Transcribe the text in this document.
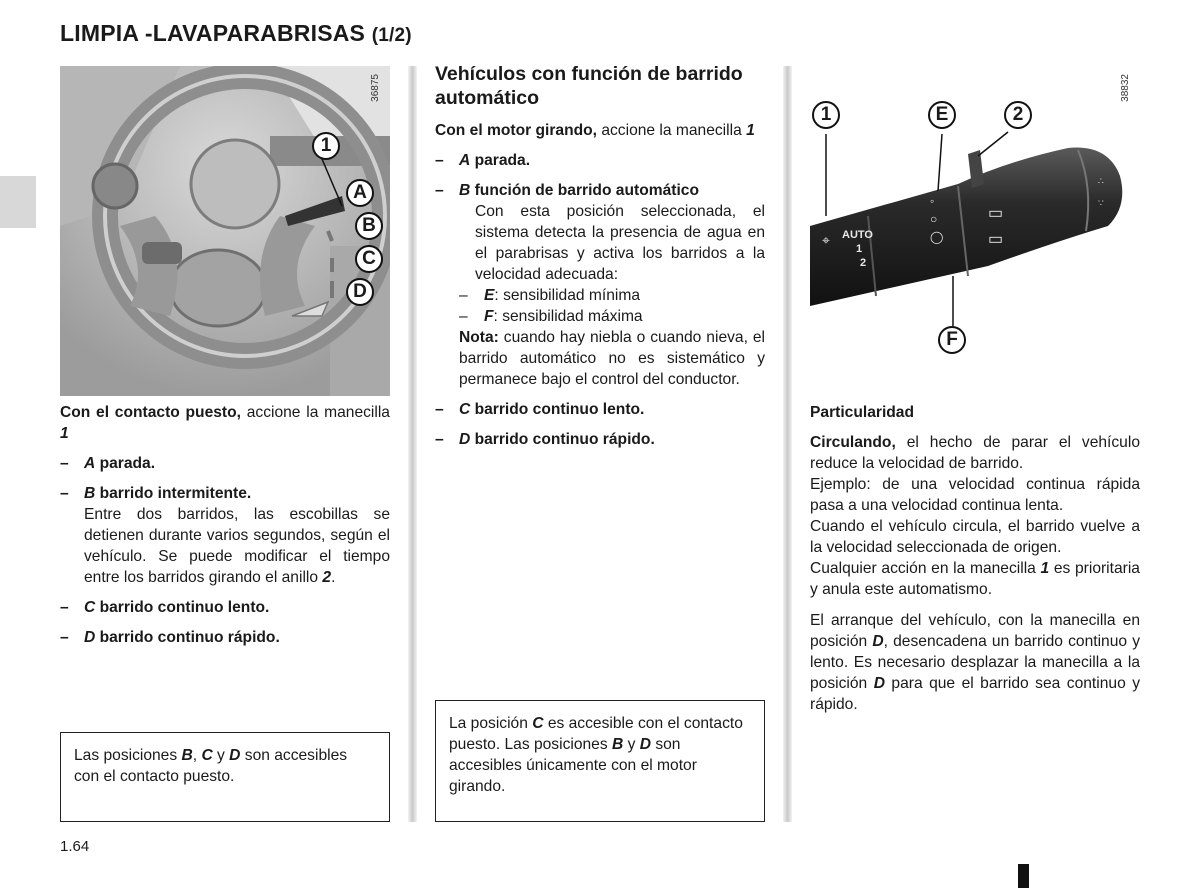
LIMPIA -LAVAPARABRISAS (1/2)
36875
1
A
B
C
D
AUTO
1
2
⌖
◦
○
◯
▭
▭
∴
∵
38832
1	E	2
F

Con el contacto puesto, accione la manecilla 1

– A parada.
– B barrido intermitente.

Entre dos barridos, las escobillas se detienen durante varios segundos, según el vehículo. Se puede modificar el tiempo entre los barridos girando el anillo 2.

– C barrido continuo lento.
– D barrido continuo rápido.
Las posiciones B, C y D son accesibles con el contacto puesto.
Vehículos con función de barrido automático

Con el motor girando, accione la manecilla 1

– A parada.
– B función de barrido automático

Con esta posición seleccionada, el sistema detecta la presencia de agua en el parabrisas y activa los barridos a la velocidad adecuada:

–	E: sensibilidad mínima
–	F: sensibilidad máxima

Nota: cuando hay niebla o cuando nieva, el barrido automático no es sistemático y permanece bajo el control del conductor.

– C barrido continuo lento.
– D barrido continuo rápido.
La posición C es accesible con el contacto puesto. Las posiciones B y D son accesibles únicamente con el motor girando.

Particularidad

Circulando, el hecho de parar el vehículo reduce la velocidad de barrido.

Ejemplo: de una velocidad continua rápida pasa a una velocidad continua lenta.

Cuando el vehículo circula, el barrido vuelve a la velocidad seleccionada de origen.

Cualquier acción en la manecilla 1 es prioritaria y anula este automatismo.

El arranque del vehículo, con la manecilla en posición D, desencadena un barrido continuo y lento. Es necesario desplazar la manecilla a la posición D para que el barrido sea continuo y rápido.

1.64
